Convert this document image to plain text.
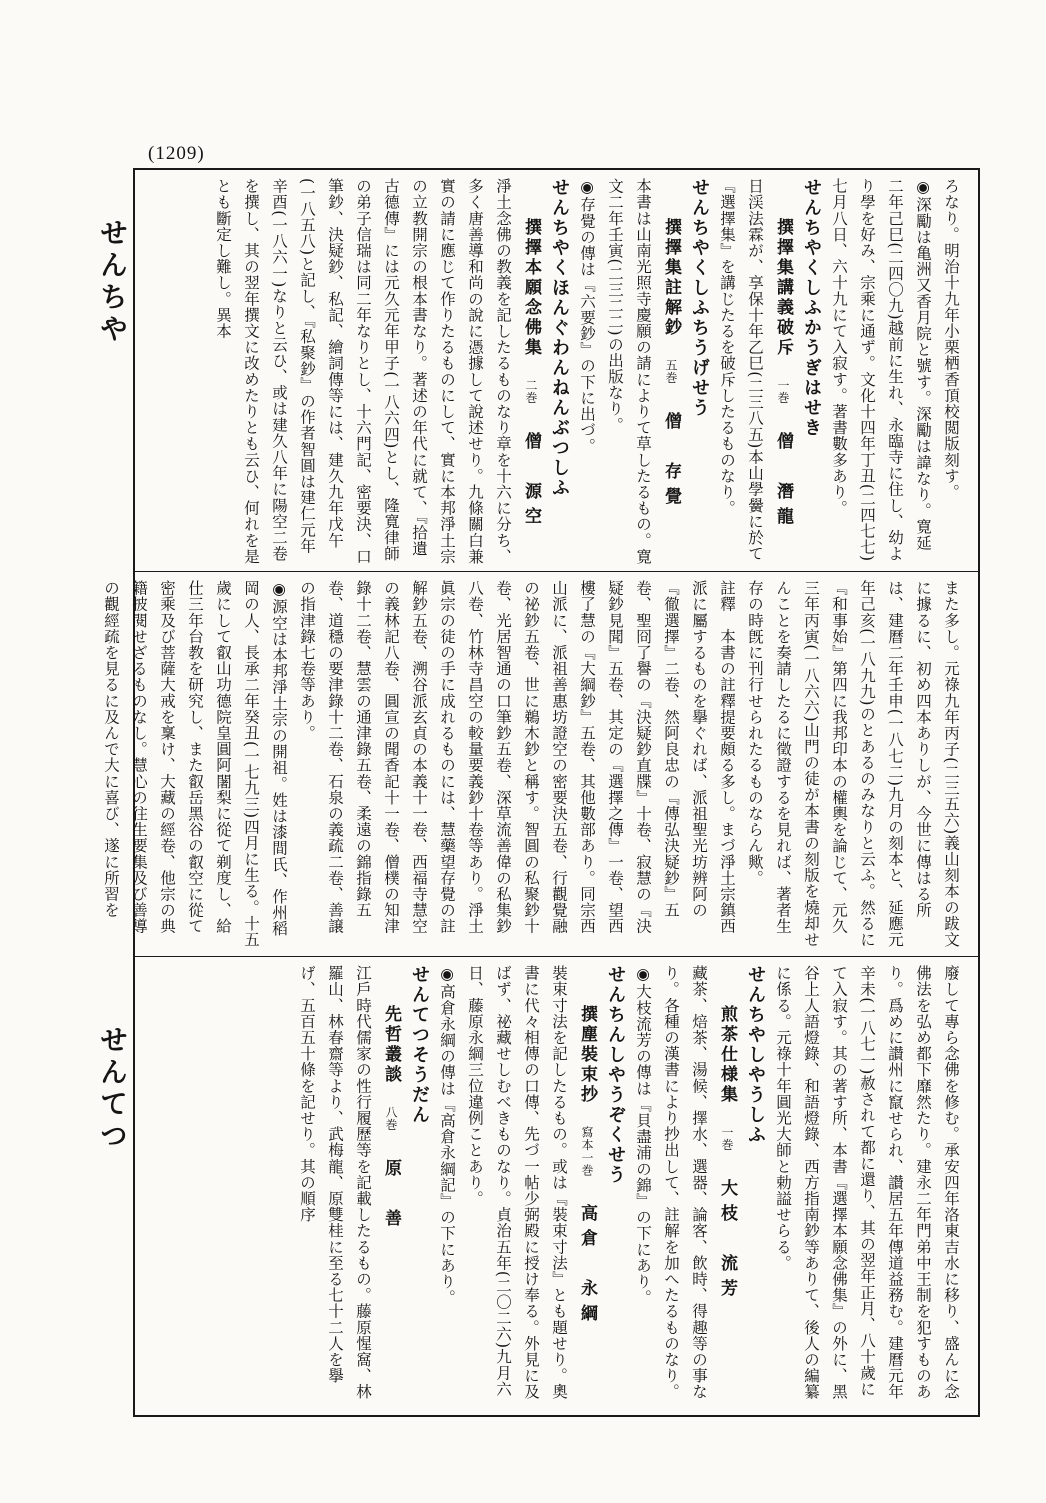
(1209)
せんちや
せんてつ

ろなり。明治十九年小栗栖香頂校閲版刻す。

◉深勵は亀洲又香月院と號す。深勵は諱なり。寛延二年己巳(二四〇九)越前に生れ、永臨寺に住し、幼より學を好み、宗乘に通ず。文化十四年丁丑(二四七七)七月八日、六十九にて入寂す。著書數多あり。

せんちやくしふかうぎはせき

撰擇集講義破斥 一巻 僧　潛龍

日渓法霖が、享保十年乙巳(二三八五)本山學黌に於て『選擇集』を講じたるを破斥したるものなり。

せんちやくしふちうげせう

撰擇集註解鈔 五巻 僧　存覺

本書は山南光照寺慶願の請によりて草したるもの。寛文二年壬寅(二三二二)の出版なり。

◉存覺の傳は『六要鈔』の下に出づ。

せんちやくほんぐわんねんぶつしふ

撰擇本願念佛集 二巻 僧　源空

淨土念佛の教義を記したるものなり章を十六に分ち、多く唐善導和尚の說に憑據して說述せり。九條關白兼實の請に應じて作りたるものにして、實に本邦淨土宗の立教開宗の根本書なり。著述の年代に就て、『拾遺古德傳』には元久元年甲子(一八六四)とし、隆寬律師の弟子信瑞は同二年なりとし、十六門記、密要決、口筆鈔、決疑鈔、私記、繪詞傳等には、建久九年戊午(一八五八)と記し、『私聚鈔』の作者智圓は建仁元年辛酉(一八六一)なりと云ひ、或は建久八年に陽空二卷を撰し、其の翌年撰文に改めたりとも云ひ、何れを是とも斷定し難し。異本

また多し。元祿九年丙子(二三五六)義山刻本の跋文に據るに、初め四本ありしが、今世に傳はる所は、建曆二年壬申(一八七二)九月の刻本と、延應元年己亥(一八九九)のとあるのみなりと云ふ。然るに『和事始』第四に我邦印本の權輿を論じて、元久三年丙寅(一八六六)山門の徒が本書の刻版を燒却せんことを奏請したるに徵證するを見れば、著者生存の時旣に刊行せられたるものならん歟。

註釋　本書の註釋提要頗る多し。まづ淨土宗鎮西派に屬するものを擧ぐれば、派祖聖光坊辨阿の『徹選擇』二卷、然阿良忠の『傳弘決疑鈔』五卷、聖冏了譽の『決疑鈔直牒』十卷、寂慧の『決疑鈔見聞』五卷、其定の『選擇之傳』一卷、望西樓了慧の『大綱鈔』五卷、其他數部あり。同宗西山派に、派祖善惠坊證空の密要決五卷、行觀覺融の祕鈔五卷、世に鵜木鈔と稱す。智圓の私聚鈔十卷、光居智通の口筆鈔五卷、深草流善偉の私集鈔八卷、竹林寺昌空の較量要義鈔十卷等あり。淨土眞宗の徒の手に成れるものには、慧藥望存覺の註解鈔五卷、溯谷派玄貞の本義十一卷、西福寺慧空の義林記八卷、圓宣の聞香記十一卷、僧樸の知津錄十二卷、慧雲の通津錄五卷、柔遠の錦指錄五卷、道穩の要津錄十二卷、石泉の義疏二卷、善譲の指津錄七卷等あり。

◉源空は本邦淨土宗の開祖。姓は漆間氏、作州稻岡の人、長承二年癸丑(一七九三)四月に生る。十五歲にして叡山功德院皇圓阿闍梨に從て剃度し、給仕三年台教を研究し、また叡岳黑谷の叡空に從て密乘及び菩薩大戒を稟け、大藏の經卷、他宗の典籍披閱せざるものなし。慧心の往生要集及び善導の觀經疏を見るに及んで大に喜び、遂に所習を

廢して專ら念佛を修む。承安四年洛東吉水に移り、盛んに念佛法を弘め都下靡然たり。建永二年門弟中王制を犯すものあり。爲めに讃州に竄せられ、讃居五年傳道益務む。建曆元年辛未(一八七一)赦されて都に還り、其の翌年正月、八十歲にて入寂す。其の著す所、本書『選擇本願念佛集』の外に、黑谷上人語燈錄、和語燈錄、西方指南鈔等ありて、後人の編纂に係る。元祿十年圓光大師と勅謚せらる。

せんちやしやうしふ

煎茶仕様集 一巻 大枝　流芳

藏茶、焙茶、湯候、擇水、選器、論客、飲時、得趣等の事なり。各種の漢書により抄出して、註解を加へたるものなり。

◉大枝流芳の傳は『貝盡浦の錦』の下にあり。

せんちんしやうぞくせう

撰塵裝束抄 寫本一巻 高倉　永綱

裝束寸法を記したるもの。或は『裝束寸法』とも題せり。奧書に代々相傳の口傳、先づ一帖少弼殿に授け奉る。外見に及ばず、祕藏せしむべきものなり。貞治五年(二〇二六)九月六日、藤原永綱三位違例ことあり。

◉高倉永綱の傳は『高倉永綱記』の下にあり。

せんてつそうだん

先哲叢談 八巻 原　善

江戶時代儒家の性行履歷等を記載したるもの。藤原惺窩、林羅山、林春齋等より、武梅龍、原雙桂に至る七十二人を擧げ、五百五十條を記せり。其の順序
